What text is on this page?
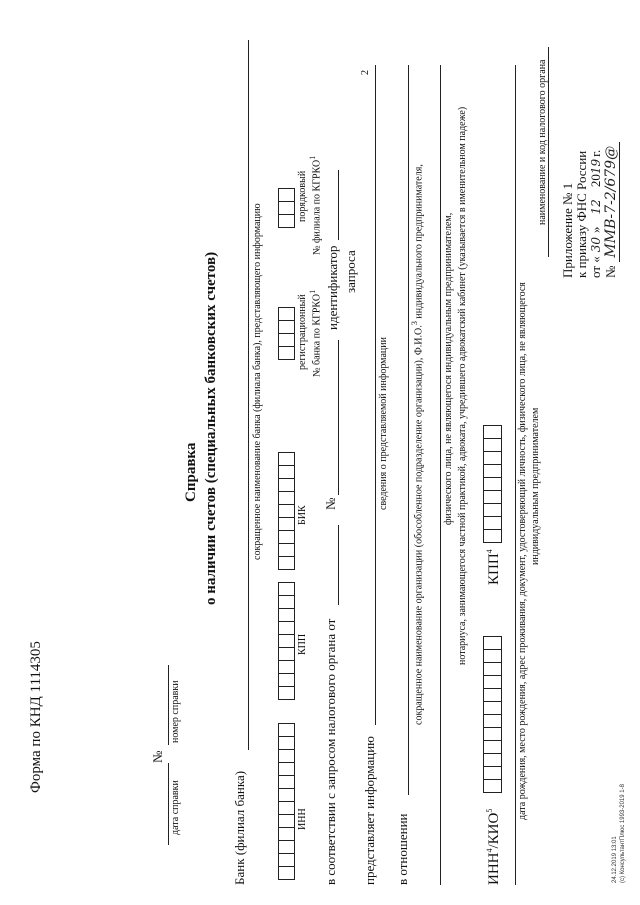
Приложение № 1 к приказу ФНС России от «30»122019г.
№ММВ-7-2/679@
наименование и код налогового органа
Форма по КНД 1114305
дата справки
№
номер справки
Справка о наличии счетов (специальных банковских счетов)
Банк (филиал банка)
сокращенное наименование банка (филиала банка), представляющего информацию
ИНН
КПП
БИК
регистрационный № банка по КГРКО$^1$
порядковый № филиала по КГРКО$^1$
в соответствии с запросом налогового органа от
№
идентификатор запроса
2
представляет информацию
сведения о представляемой информации
в отношении
сокращенное наименование организации (обособленное подразделение организации), Ф.И.О.$^3$ индивидуального предпринимателя, физического лица, не являющегося индивидуальным предпринимателем, нотариуса, занимающегося частной практикой, адвоката, учредившего адвокатский кабинет (указывается в именительном падеже)
ИНН$^4$/КИО$^5$
КПП$^4$	дата рождения, место рождения, адрес проживания, документ, удостоверяющий личность, физического лица, не являющегося индивидуальным предпринимателем
24.12.2019 13:01 (c) КонсультантПлюс 1993-2019 1-8
